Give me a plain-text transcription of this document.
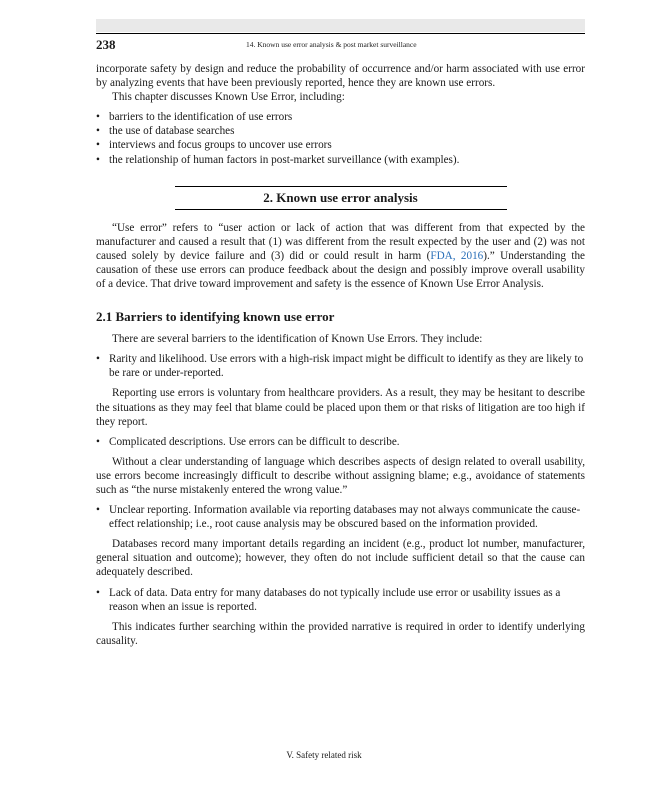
238	14. Known use error analysis & post market surveillance

incorporate safety by design and reduce the probability of occurrence and/or harm associated with use error by analyzing events that have been previously reported, hence they are known use errors.

This chapter discusses Known Use Error, including:

• barriers to the identification of use errors
• the use of database searches
• interviews and focus groups to uncover use errors
• the relationship of human factors in post-market surveillance (with examples).
2. Known use error analysis

“Use error” refers to “user action or lack of action that was different from that expected by the manufacturer and caused a result that (1) was different from the result expected by the user and (2) was not caused solely by device failure and (3) did or could result in harm (FDA, 2016).” Understanding the causation of these use errors can produce feedback about the design and possibly improve overall usability of a device. That drive toward improvement and safety is the essence of Known Use Error Analysis.

2.1 Barriers to identifying known use error

There are several barriers to the identification of Known Use Errors. They include:

• Rarity and likelihood. Use errors with a high-risk impact might be difficult to identify as they are likely to be rare or under-reported.

Reporting use errors is voluntary from healthcare providers. As a result, they may be hesitant to describe the situations as they may feel that blame could be placed upon them or that risks of litigation are too high if they report.

• Complicated descriptions. Use errors can be difficult to describe.

Without a clear understanding of language which describes aspects of design related to overall usability, use errors become increasingly difficult to describe without assigning blame; e.g., avoidance of statements such as “the nurse mistakenly entered the wrong value.”

• Unclear reporting. Information available via reporting databases may not always communicate the cause-effect relationship; i.e., root cause analysis may be obscured based on the information provided.

Databases record many important details regarding an incident (e.g., product lot number, manufacturer, general situation and outcome); however, they often do not include sufficient detail so that the cause can adequately described.

• Lack of data. Data entry for many databases do not typically include use error or usability issues as a reason when an issue is reported.

This indicates further searching within the provided narrative is required in order to identify underlying causality.

V. Safety related risk
